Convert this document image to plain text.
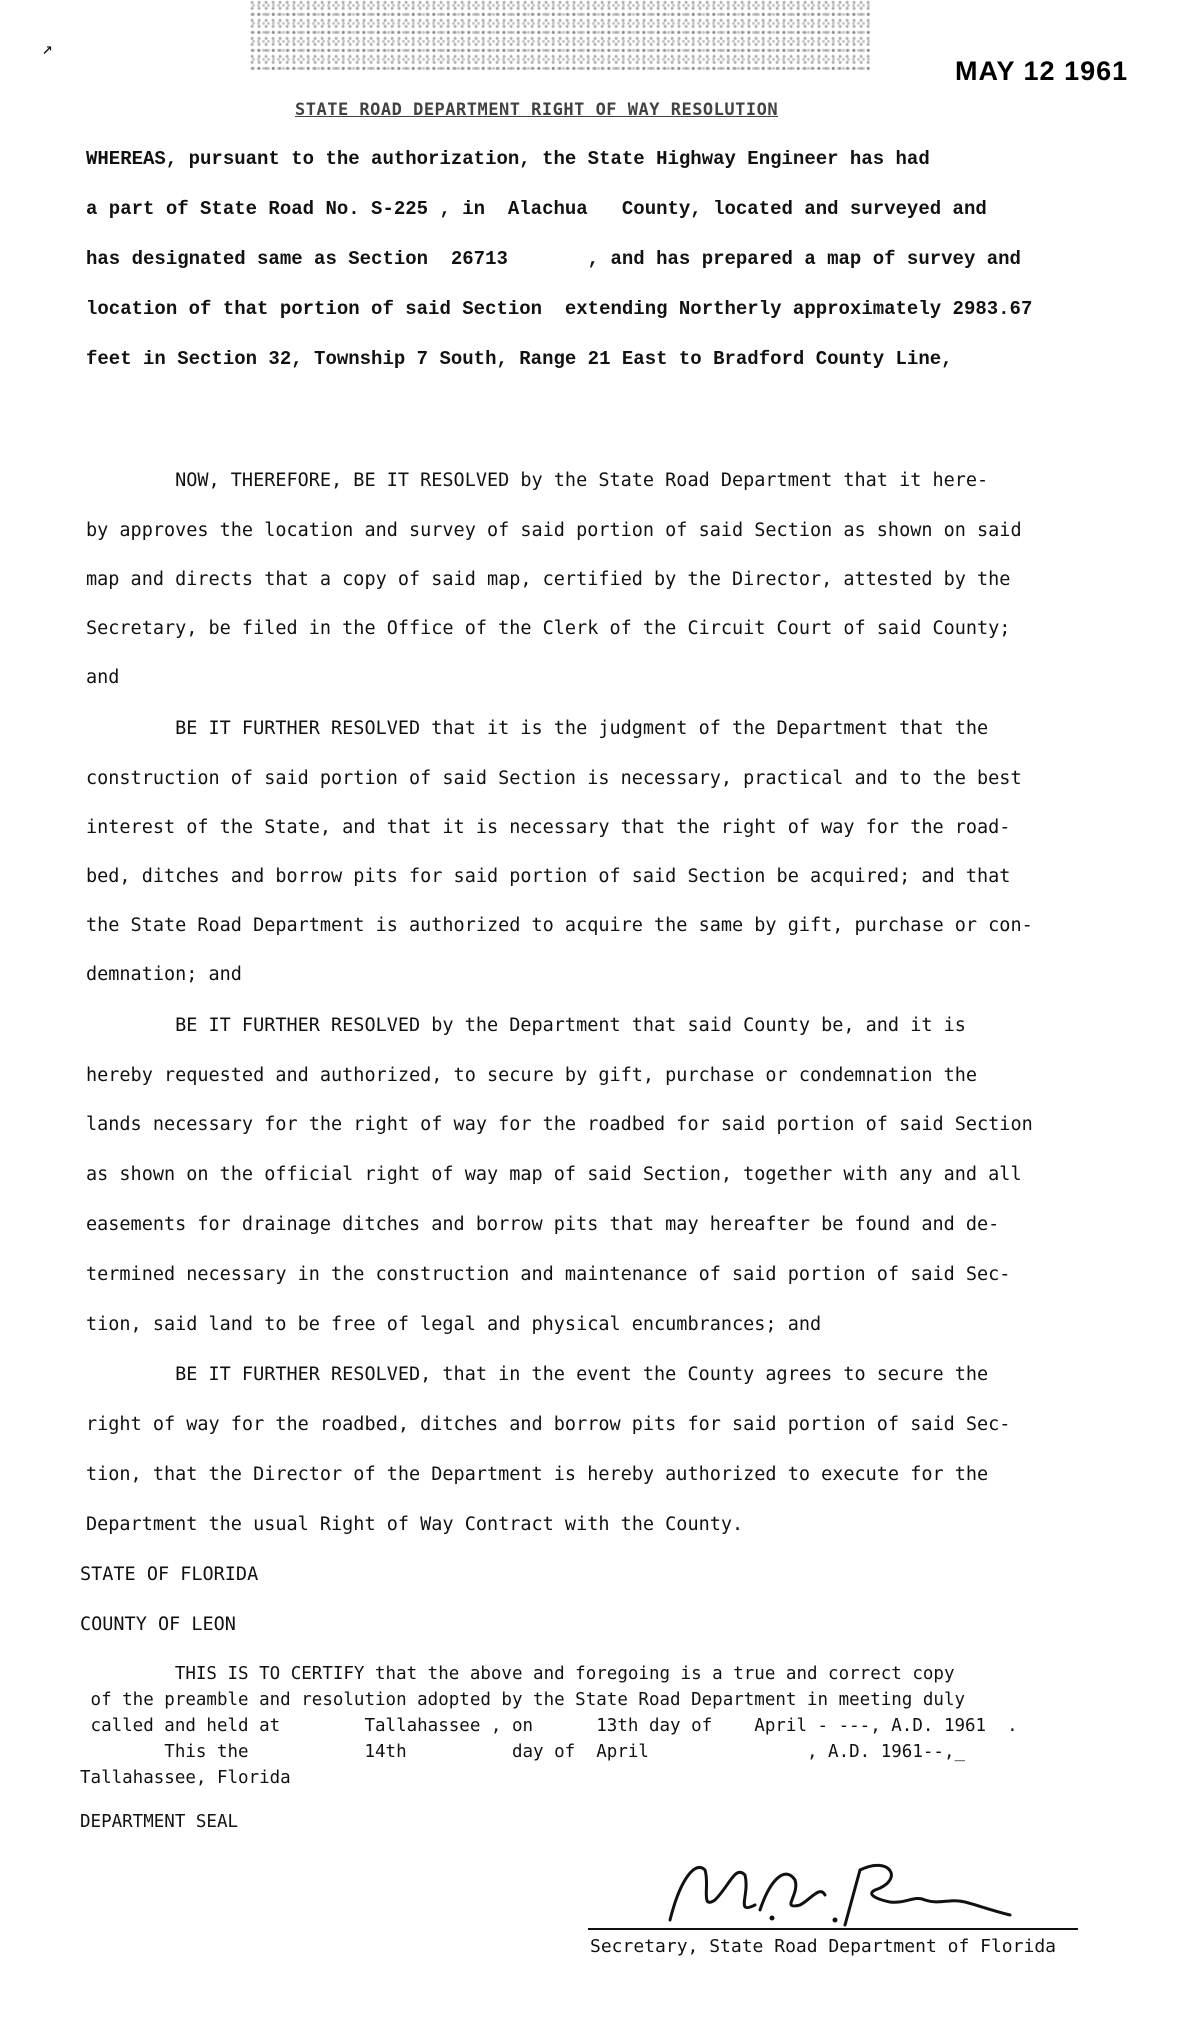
↗
MAY 12 1961
STATE ROAD DEPARTMENT RIGHT OF WAY RESOLUTION
WHEREAS, pursuant to the authorization, the State Highway Engineer has had
a part of State Road No. S-225 , in  Alachua   County, located and surveyed and
has designated same as Section  26713       , and has prepared a map of survey and
location of that portion of said Section  extending Northerly approximately 2983.67
feet in Section 32, Township 7 South, Range 21 East to Bradford County Line,
NOW, THEREFORE, BE IT RESOLVED by the State Road Department that it here-
by approves the location and survey of said portion of said Section as shown on said
map and directs that a copy of said map, certified by the Director, attested by the
Secretary, be filed in the Office of the Clerk of the Circuit Court of said County;
and
BE IT FURTHER RESOLVED that it is the judgment of the Department that the
construction of said portion of said Section is necessary, practical and to the best
interest of the State, and that it is necessary that the right of way for the road-
bed, ditches and borrow pits for said portion of said Section be acquired; and that
the State Road Department is authorized to acquire the same by gift, purchase or con-
demnation; and
BE IT FURTHER RESOLVED by the Department that said County be, and it is
hereby requested and authorized, to secure by gift, purchase or condemnation the
lands necessary for the right of way for the roadbed for said portion of said Section
as shown on the official right of way map of said Section, together with any and all
easements for drainage ditches and borrow pits that may hereafter be found and de-
termined necessary in the construction and maintenance of said portion of said Sec-
tion, said land to be free of legal and physical encumbrances; and
BE IT FURTHER RESOLVED, that in the event the County agrees to secure the
right of way for the roadbed, ditches and borrow pits for said portion of said Sec-
tion, that the Director of the Department is hereby authorized to execute for the
Department the usual Right of Way Contract with the County.
STATE OF FLORIDA
COUNTY OF LEON
THIS IS TO CERTIFY that the above and foregoing is a true and correct copy
of the preamble and resolution adopted by the State Road Department in meeting duly
called and held at        Tallahassee , on      13th day of    April - ---, A.D. 1961  .
This the           14th          day of  April               , A.D. 1961--,_
Tallahassee, Florida
DEPARTMENT SEAL
Secretary, State Road Department of Florida
